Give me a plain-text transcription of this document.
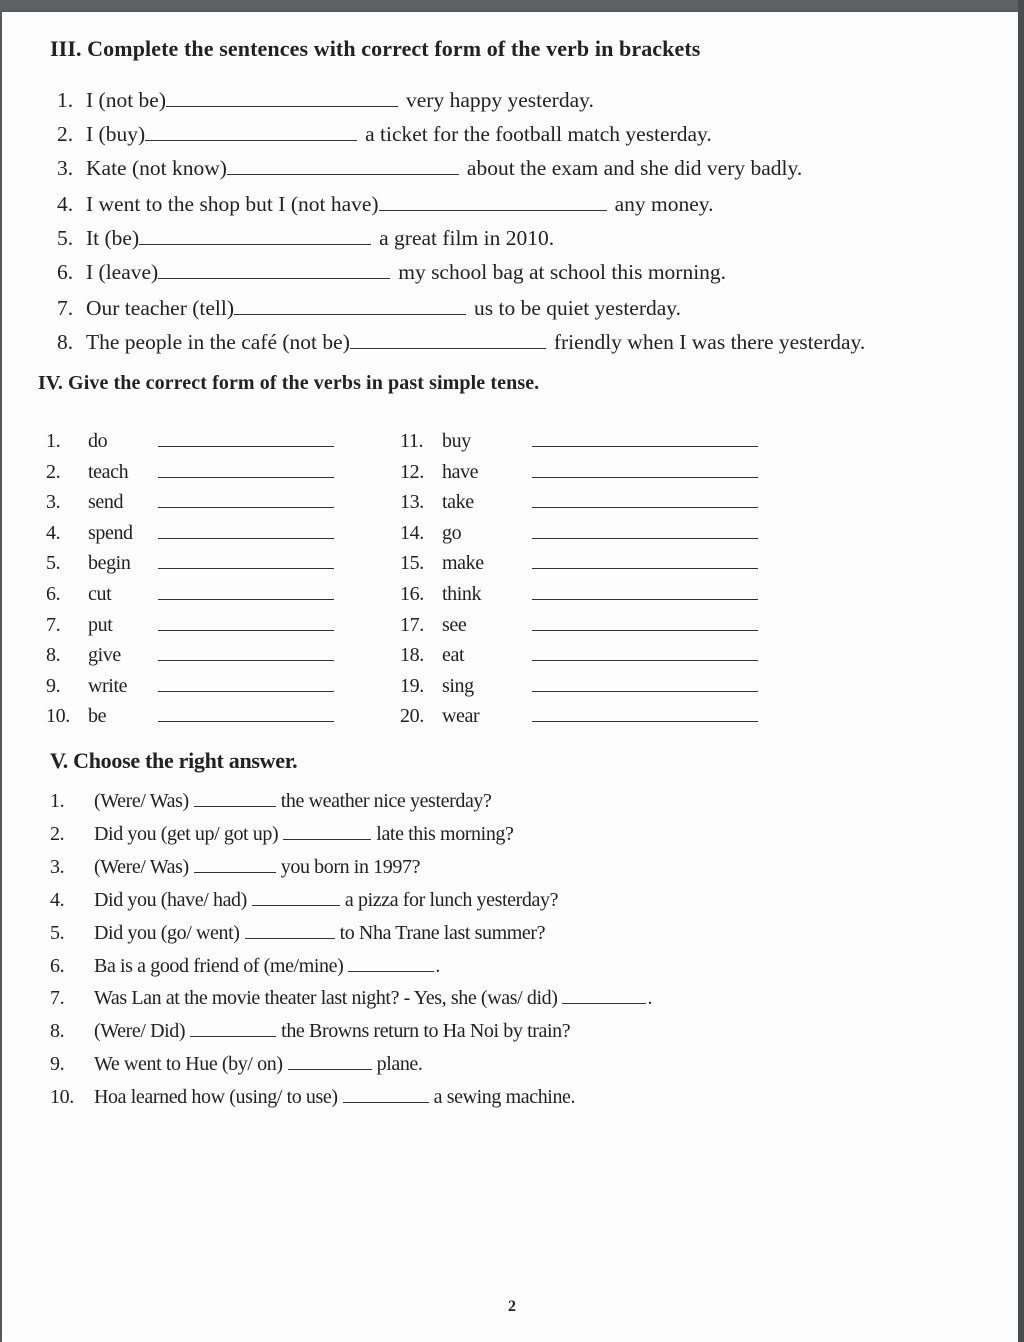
III. Complete the sentences with correct form of the verb in brackets
1. I (not be)	very happy yesterday.
2. I (buy)	a ticket for the football match yesterday.
3. Kate (not know)	about the exam and she did very badly.
4. I went to the shop but I (not have)	any money.
5. It (be)	a great film in 2010.
6. I (leave)	my school bag at school this morning.
7. Our teacher (tell)	us to be quiet yesterday.
8. The people in the café (not be)	friendly when I was there yesterday.
IV. Give the correct form of the verbs in past simple tense.
1. do
2. teach
3. send
4. spend
5. begin
6. cut
7. put
8. give
9. write
10. be
11. buy
12. have
13. take
14. go
15. make
16. think
17. see
18. eat
19. sing
20. wear
V. Choose the right answer.
1. (Were/ Was)	the weather nice yesterday?
2. Did you (get up/ got up)	late this morning?
3. (Were/ Was)	you born in 1997?
4. Did you (have/ had)	a pizza for lunch yesterday?
5. Did you (go/ went)	to Nha Trane last summer?
6. Ba is a good friend of (me/mine)	.
7. Was Lan at the movie theater last night? - Yes, she (was/ did)	.
8. (Were/ Did)	the Browns return to Ha Noi by train?
9. We went to Hue (by/ on)	plane.
10. Hoa learned how (using/ to use)	a sewing machine.
2
